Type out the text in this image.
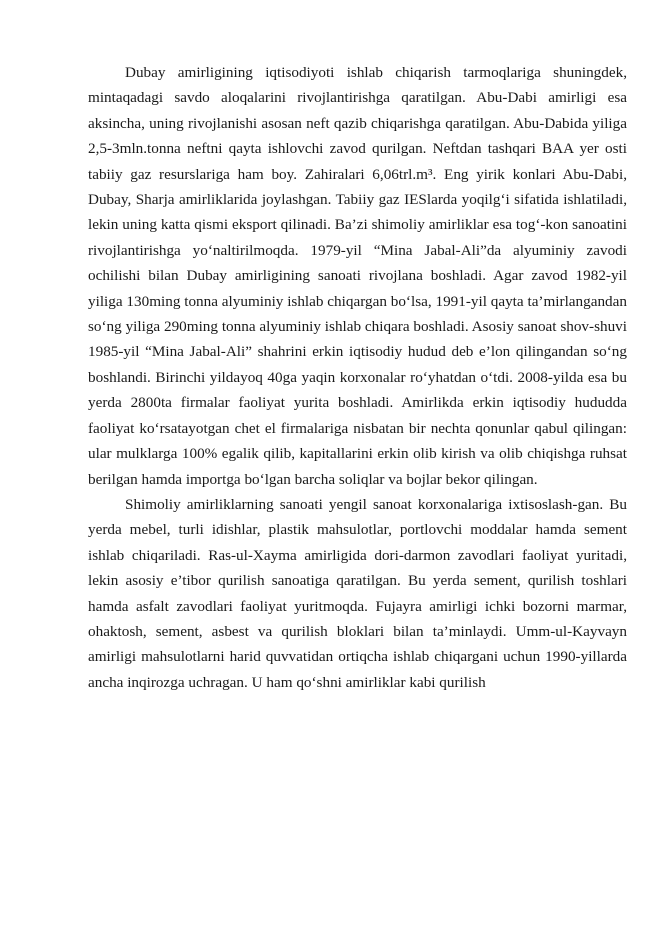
Dubay amirligining iqtisodiyoti ishlab chiqarish tarmoqlariga shuningdek, mintaqadagi savdo aloqalarini rivojlantirishga qaratilgan. Abu-Dabi amirligi esa aksincha, uning rivojlanishi asosan neft qazib chiqarishga qaratilgan. Abu-Dabida yiliga 2,5-3mln.tonna neftni qayta ishlovchi zavod qurilgan. Neftdan tashqari BAA yer osti tabiiy gaz resurslariga ham boy. Zahiralari 6,06trl.m³. Eng yirik konlari Abu-Dabi, Dubay, Sharja amirliklarida joylashgan. Tabiiy gaz IESlarda yoqilg‘i sifatida ishlatiladi, lekin uning katta qismi eksport qilinadi. Ba’zi shimoliy amirliklar esa tog‘-kon sanoatini rivojlantirishga yo‘naltirilmoqda. 1979-yil “Mina Jabal-Ali”da alyuminiy zavodi ochilishi bilan Dubay amirligining sanoati rivojlana boshladi. Agar zavod 1982-yil yiliga 130ming tonna alyuminiy ishlab chiqargan bo‘lsa, 1991-yil qayta ta’mirlangandan so‘ng yiliga 290ming tonna alyuminiy ishlab chiqara boshladi. Asosiy sanoat shov-shuvi 1985-yil “Mina Jabal-Ali” shahrini erkin iqtisodiy hudud deb e’lon qilingandan so‘ng boshlandi. Birinchi yildayoq 40ga yaqin korxonalar ro‘yhatdan o‘tdi. 2008-yilda esa bu yerda 2800ta firmalar faoliyat yurita boshladi. Amirlikda erkin iqtisodiy hududda faoliyat ko‘rsatayotgan chet el firmalariga nisbatan bir nechta qonunlar qabul qilingan: ular mulklarga 100% egalik qilib, kapitallarini erkin olib kirish va olib chiqishga ruhsat berilgan hamda importga bo‘lgan barcha soliqlar va bojlar bekor qilingan.

Shimoliy amirliklarning sanoati yengil sanoat korxonalariga ixtisoslash-gan. Bu yerda mebel, turli idishlar, plastik mahsulotlar, portlovchi moddalar hamda sement ishlab chiqariladi. Ras-ul-Xayma amirligida dori-darmon zavodlari faoliyat yuritadi, lekin asosiy e’tibor qurilish sanoatiga qaratilgan. Bu yerda sement, qurilish toshlari hamda asfalt zavodlari faoliyat yuritmoqda. Fujayra amirligi ichki bozorni marmar, ohaktosh, sement, asbest va qurilish bloklari bilan ta’minlaydi. Umm-ul-Kayvayn amirligi mahsulotlarni harid quvvatidan ortiqcha ishlab chiqargani uchun 1990-yillarda ancha inqirozga uchragan. U ham qo‘shni amirliklar kabi qurilish
